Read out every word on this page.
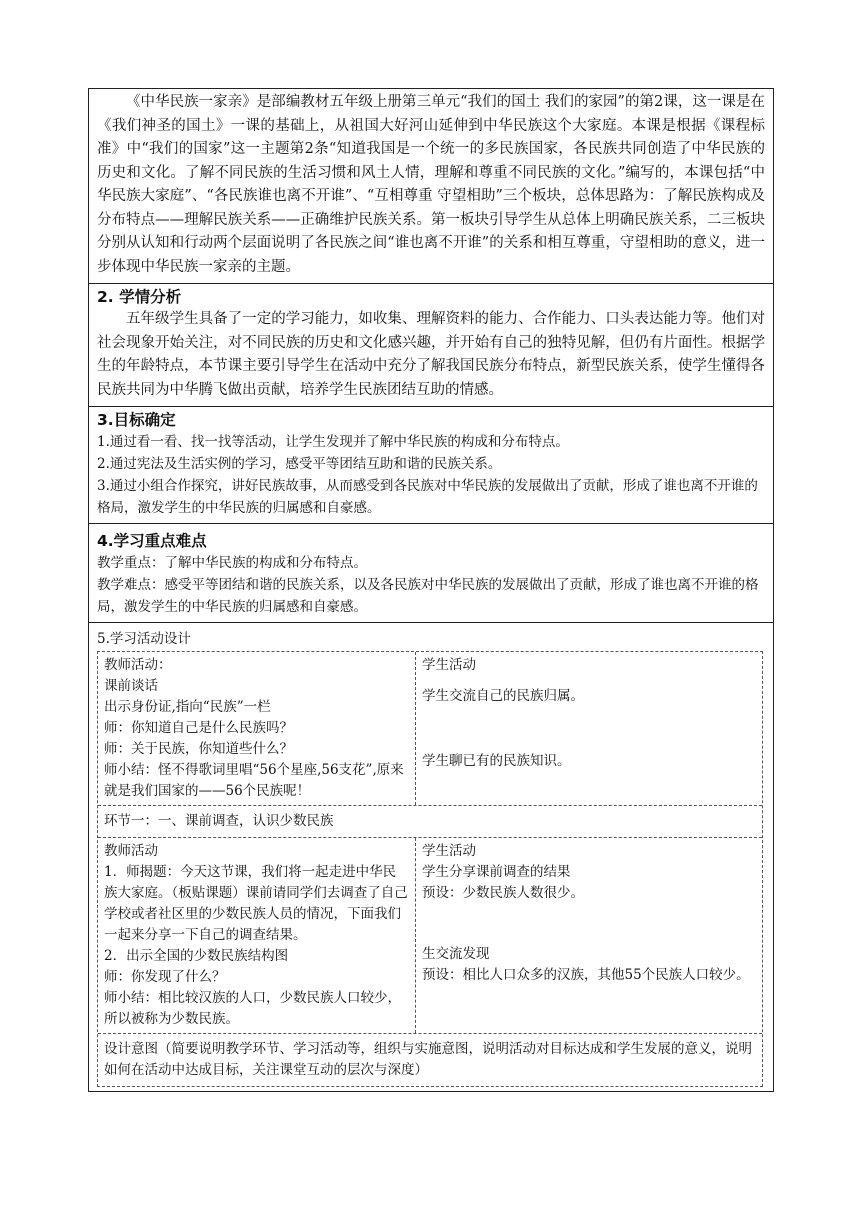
《中华民族一家亲》是部编教材五年级上册第三单元“我们的国土 我们的家园”的第2课，这一课是在《我们神圣的国土》一课的基础上，从祖国大好河山延伸到中华民族这个大家庭。本课是根据《课程标准》中“我们的国家”这一主题第2条“知道我国是一个统一的多民族国家，各民族共同创造了中华民族的历史和文化。了解不同民族的生活习惯和风土人情，理解和尊重不同民族的文化。”编写的，本课包括“中华民族大家庭”、“各民族谁也离不开谁”、“互相尊重 守望相助”三个板块，总体思路为：了解民族构成及分布特点——理解民族关系——正确维护民族关系。第一板块引导学生从总体上明确民族关系，二三板块分别从认知和行动两个层面说明了各民族之间“谁也离不开谁”的关系和相互尊重，守望相助的意义，进一步体现中华民族一家亲的主题。

2. 学情分析

五年级学生具备了一定的学习能力，如收集、理解资料的能力、合作能力、口头表达能力等。他们对社会现象开始关注，对不同民族的历史和文化感兴趣，并开始有自己的独特见解，但仍有片面性。根据学生的年龄特点，本节课主要引导学生在活动中充分了解我国民族分布特点，新型民族关系，使学生懂得各民族共同为中华腾飞做出贡献，培养学生民族团结互助的情感。

3.目标确定

1.通过看一看、找一找等活动，让学生发现并了解中华民族的构成和分布特点。

2.通过宪法及生活实例的学习，感受平等团结互助和谐的民族关系。

3.通过小组合作探究，讲好民族故事，从而感受到各民族对中华民族的发展做出了贡献，形成了谁也离不开谁的格局，激发学生的中华民族的归属感和自豪感。

4.学习重点难点

教学重点：了解中华民族的构成和分布特点。

教学难点：感受平等团结和谐的民族关系，以及各民族对中华民族的发展做出了贡献，形成了谁也离不开谁的格局，激发学生的中华民族的归属感和自豪感。

5.学习活动设计

教师活动：

课前谈话

出示身份证,指向“民族”一栏

师：你知道自己是什么民族吗？

师：关于民族，你知道些什么？

师小结：怪不得歌词里唱“56个星座,56支花”,原来就是我们国家的——56个民族呢！

学生活动

学生交流自己的民族归属。

学生聊已有的民族知识。

环节一：一、课前调查，认识少数民族

教师活动

1．师揭题：今天这节课，我们将一起走进中华民族大家庭。（板贴课题）课前请同学们去调查了自己学校或者社区里的少数民族人员的情况，下面我们一起来分享一下自己的调查结果。

2．出示全国的少数民族结构图

师：你发现了什么？

师小结：相比较汉族的人口，少数民族人口较少，所以被称为少数民族。

学生活动

学生分享课前调查的结果

预设：少数民族人数很少。

生交流发现

预设：相比人口众多的汉族，其他55个民族人口较少。

设计意图（简要说明教学环节、学习活动等，组织与实施意图，说明活动对目标达成和学生发展的意义，说明如何在活动中达成目标，关注课堂互动的层次与深度）
